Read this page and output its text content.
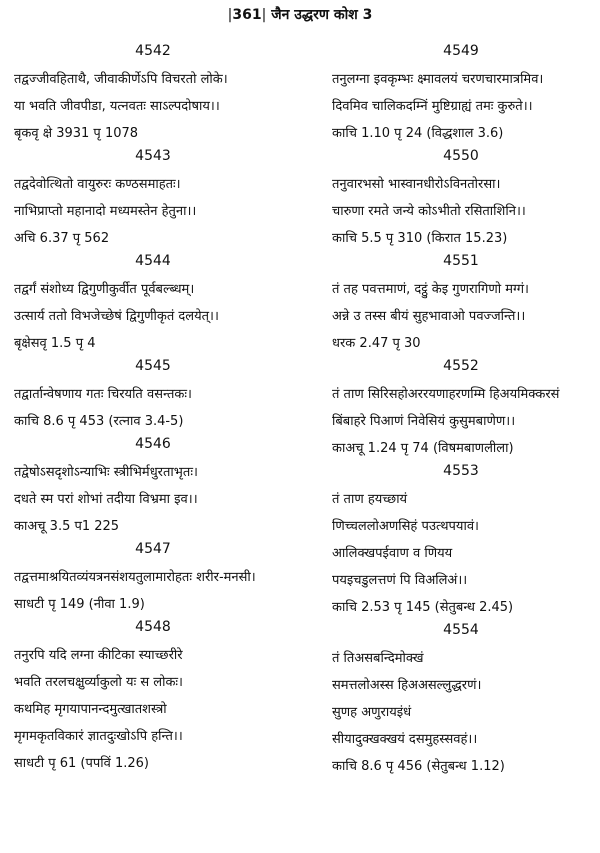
|361| जैन उद्धरण कोश 3
4542
तद्वज्जीवहिताथै, जीवाकीर्णेऽपि विचरतो लोके।
या भवति जीवपीडा, यत्नवतः साऽल्पदोषाय।।
बृकवृ क्षे 3931 पृ 1078
4543
तद्वदेवोत्थितो वायुरुरः कण्ठसमाहतः।
नाभिप्राप्तो महानादो मध्यमस्तेन हेतुना।।
अचि 6.37 पृ 562
4544
तद्वर्गं संशोध्य द्विगुणीकुर्वीत पूर्वबल्ब्धम्।
उत्सार्य ततो विभजेच्छेषं द्विगुणीकृतं दलयेत्।।
बृक्षेसवृ 1.5 पृ 4
4545
तद्वार्तान्वेषणाय गतः चिरयति वसन्तकः।
काचि 8.6 पृ 453 (रत्नाव 3.4-5)
4546
तद्वेषोऽसदृशोऽन्याभिः स्त्रीभिर्मधुरताभृतः।
दधते स्म परां शोभां तदीया विभ्रमा इव।।
काअचू 3.5 प1 225
4547
तद्वत्तमाश्रयितव्यंयत्रनसंशयतुलामारोहतः शरीर-मनसी।
साधटी पृ 149 (नीवा 1.9)
4548
तनुरपि यदि लग्ना कीटिका स्याच्छरीरे
भवति तरलचक्षुर्व्याकुलो यः स लोकः।
कथमिह मृगयापानन्दमुत्खातशस्त्रो
मृगमकृतविकारं ज्ञातदुःखोऽपि हन्ति।।
साधटी पृ 61 (पपविं 1.26)
4549
तनुलग्ना इवकृम्भः क्ष्मावलयं चरणचारमात्रमिव।
दिवमिव चालिकदम्निं मुष्टिग्राह्यं तमः कुरुते।।
काचि 1.10 पृ 24 (विद्धशाल 3.6)
4550
तनुवारभसो भास्वानधीरोऽविनतोरसा।
चारुणा रमते जन्ये कोऽभीतो रसिताशिनि।।
काचि 5.5 पृ 310 (किरात 15.23)
4551
तं तह पवत्तमाणं, दट्ठुं केइ गुणरागिणो मग्गं।
अन्ने उ तस्स बीयं सुहभावाओ पवज्जन्ति।।
धरक 2.47 पृ 30
4552
तं ताण सिरिसहोअररयणाहरणम्मि हिअयमिक्करसं
बिंबाहरे पिआणं निवेसियं कुसुमबाणेण।।
काअचू 1.24 पृ 74 (विषमबाणलीला)
4553
तं ताण हयच्छायं
णिच्चललोअणसिहं पउत्थपयावं।
आलिक्खपईवाण व णियय
पयइचडुलत्तणं पि विअलिअं।।
काचि 2.53 पृ 145 (सेतुबन्ध 2.45)
4554
तं तिअसबन्दिमोक्खं
समत्तलोअस्स हिअअसल्लुद्धरणं।
सुणह अणुरायइंधं
सीयादुक्खक्खयं दसमुहस्सवहं।।
काचि 8.6 पृ 456 (सेतुबन्ध 1.12)
